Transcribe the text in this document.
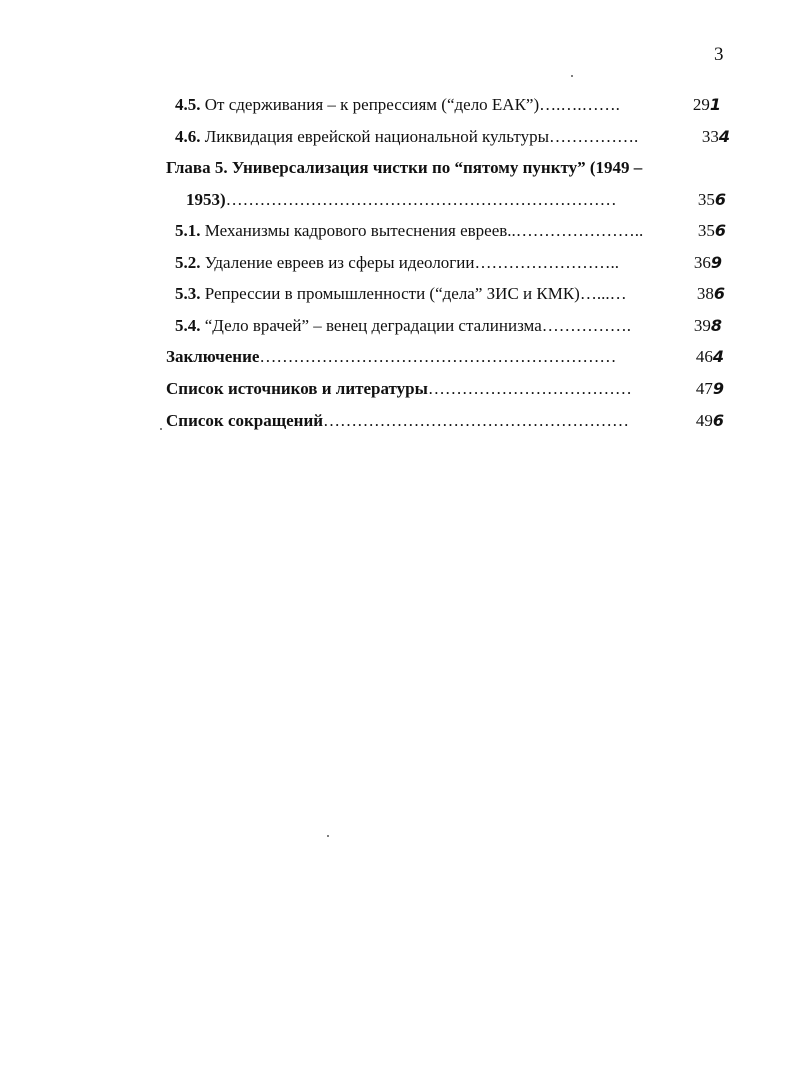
3
4.5. От сдерживания – к репрессиям (“дело ЕАК”)….….…….	291
4.6. Ликвидация еврейской национальной культуры…………….	334
Глава 5. Универсализация чистки по “пятому пункту” (1949 –
1953)……………………………………………………………	356
5.1. Механизмы кадрового вытеснения евреев..…………………..	356
5.2. Удаление евреев из сферы идеологии……………………..	369
5.3. Репрессии в промышленности (“дела” ЗИС и КМК)…...…	386
5.4. “Дело врачей” – венец деградации сталинизма…………….	398
Заключение………………………………………………………	464
Список источников и литературы………………………………	479
Список сокращений………………………………………………	496
